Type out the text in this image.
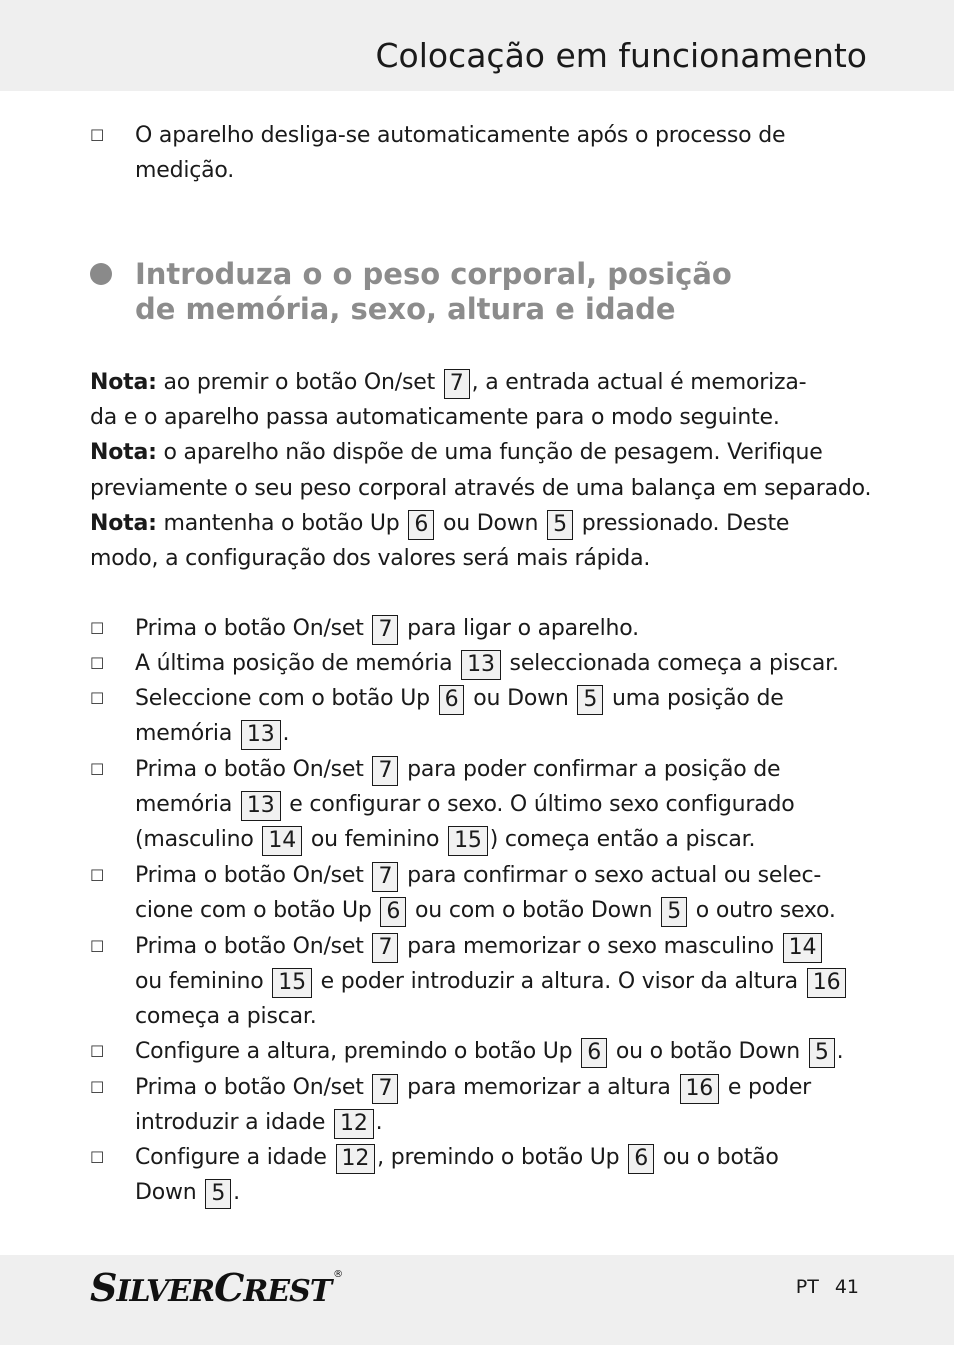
Colocação em funcionamento
☐ O aparelho desliga-se automaticamente após o processo de
medição.
Introduza o o peso corporal, posição
de memória, sexo, altura e idade
Nota: ao premir o botão On/set 7 , a entrada actual é memoriza-
da e o aparelho passa automaticamente para o modo seguinte.
Nota: o aparelho não dispõe de uma função de pesagem. Verifique
previamente o seu peso corporal através de uma balança em separado.
Nota: mantenha o botão Up 6 ou Down 5 pressionado. Deste
modo, a configuração dos valores será mais rápida.
☐ Prima o botão On/set 7 para ligar o aparelho.
☐ A última posição de memória 13 seleccionada começa a piscar.
☐ Seleccione com o botão Up 6 ou Down 5 uma posição de
memória 13 .
☐ Prima o botão On/set 7 para poder confirmar a posição de
memória 13 e configurar o sexo. O último sexo configurado
(masculino 14 ou feminino 15 ) começa então a piscar.
☐ Prima o botão On/set 7 para confirmar o sexo actual ou selec-
cione com o botão Up 6 ou com o botão Down 5 o outro sexo.
☐ Prima o botão On/set 7 para memorizar o sexo masculino 14
ou feminino 15 e poder introduzir a altura. O visor da altura 16
começa a piscar.
☐ Configure a altura, premindo o botão Up 6 ou o botão Down 5 .
☐ Prima o botão On/set 7 para memorizar a altura 16 e poder
introduzir a idade 12 .
☐ Configure a idade 12 , premindo o botão Up 6 ou o botão
Down 5 .
SILVERCREST ®
PT 41
